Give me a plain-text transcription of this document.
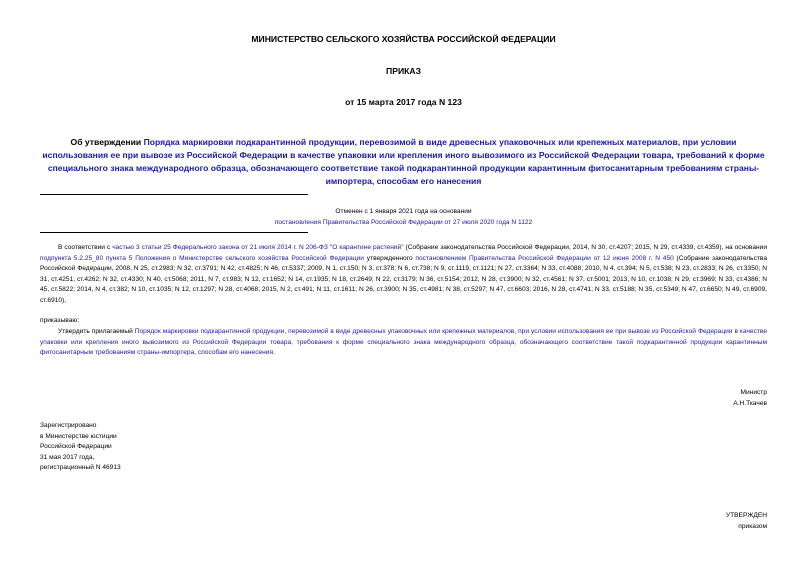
МИНИСТЕРСТВО СЕЛЬСКОГО ХОЗЯЙСТВА РОССИЙСКОЙ ФЕДЕРАЦИИ
ПРИКАЗ
от 15 марта 2017 года N 123
Об утверждении Порядка маркировки подкарантинной продукции, перевозимой в виде древесных упаковочных или крепежных материалов, при условии использования ее при вывозе из Российской Федерации в качестве упаковки или крепления иного вывозимого из Российской Федерации товара, требований к форме специального знака международного образца, обозначающего соответствие такой подкарантинной продукции карантинным фитосанитарным требованиям страны-импортера, способам его нанесения
Отменен с 1 января 2021 года на основании
постановления Правительства Российской Федерации от 27 июля 2020 года N 1122
В соответствии с частью 3 статьи 25 Федерального закона от 21 июля 2014 г. N 206-ФЗ "О карантине растений" (Собрание законодательства Российской Федерации, 2014, N 30, ст.4207; 2015, N 29, ст.4339, ст.4359), на основании подпункта 5.2.25_80 пункта 5 Положения о Министерстве сельского хозяйства Российской Федерации утвержденного постановлением Правительства Российской Федерации от 12 июня 2008 г. N 450 (Собрание законодательства Российской Федерации, 2008, N 25, ст.2983; N 32, ст.3791; N 42, ст.4825; N 46, ст.5337; 2009, N 1, ст.150; N 3, ст.378; N 6, ст.738; N 9, ст.1119, ст.1121; N 27, ст.3364; N 33, ст.4088; 2010, N 4, ст.394; N 5, ст.538; N 23, ст.2833; N 26, ст.3350; N 31, ст.4251, ст.4262; N 32, ст.4330; N 40, ст.5068; 2011, N 7, ст.983; N 12, ст.1652; N 14, ст.1935; N 18, ст.2649; N 22, ст.3179; N 36, ст.5154; 2012, N 28, ст.3900; N 32, ст.4561; N 37, ст.5001; 2013, N 10, ст.1038; N 29, ст.3969; N 33, ст.4386; N 45, ст.5822; 2014, N 4, ст.382; N 10, ст.1035; N 12, ст.1297; N 28, ст.4068; 2015, N 2, ст.491; N 11, ст.1611; N 26, ст.3900; N 35, ст.4981; N 38, ст.5297; N 47, ст.6603; 2016, N 28, ст.4741; N 33, ст.5188; N 35, ст.5349; N 47, ст.6650; N 49, ст.6909, ст.6910),
приказываю:
Утвердить прилагаемый Порядок маркировки подкарантинной продукции, перевозимой в виде древесных упаковочных или крепежных материалов, при условии использования ее при вывозе из Российской Федерации в качестве упаковки или крепления иного вывозимого из Российской Федерации товара, требования к форме специального знака международного образца, обозначающего соответствие такой подкарантинной продукции карантинным фитосанитарным требованиям страны-импортера, способам его нанесения.
Министр
А.Н.Ткачев
Зарегистрировано
в Министерстве юстиции
Российской Федерации
31 мая 2017 года,
регистрационный N 46913
УТВЕРЖДЕН
приказом
